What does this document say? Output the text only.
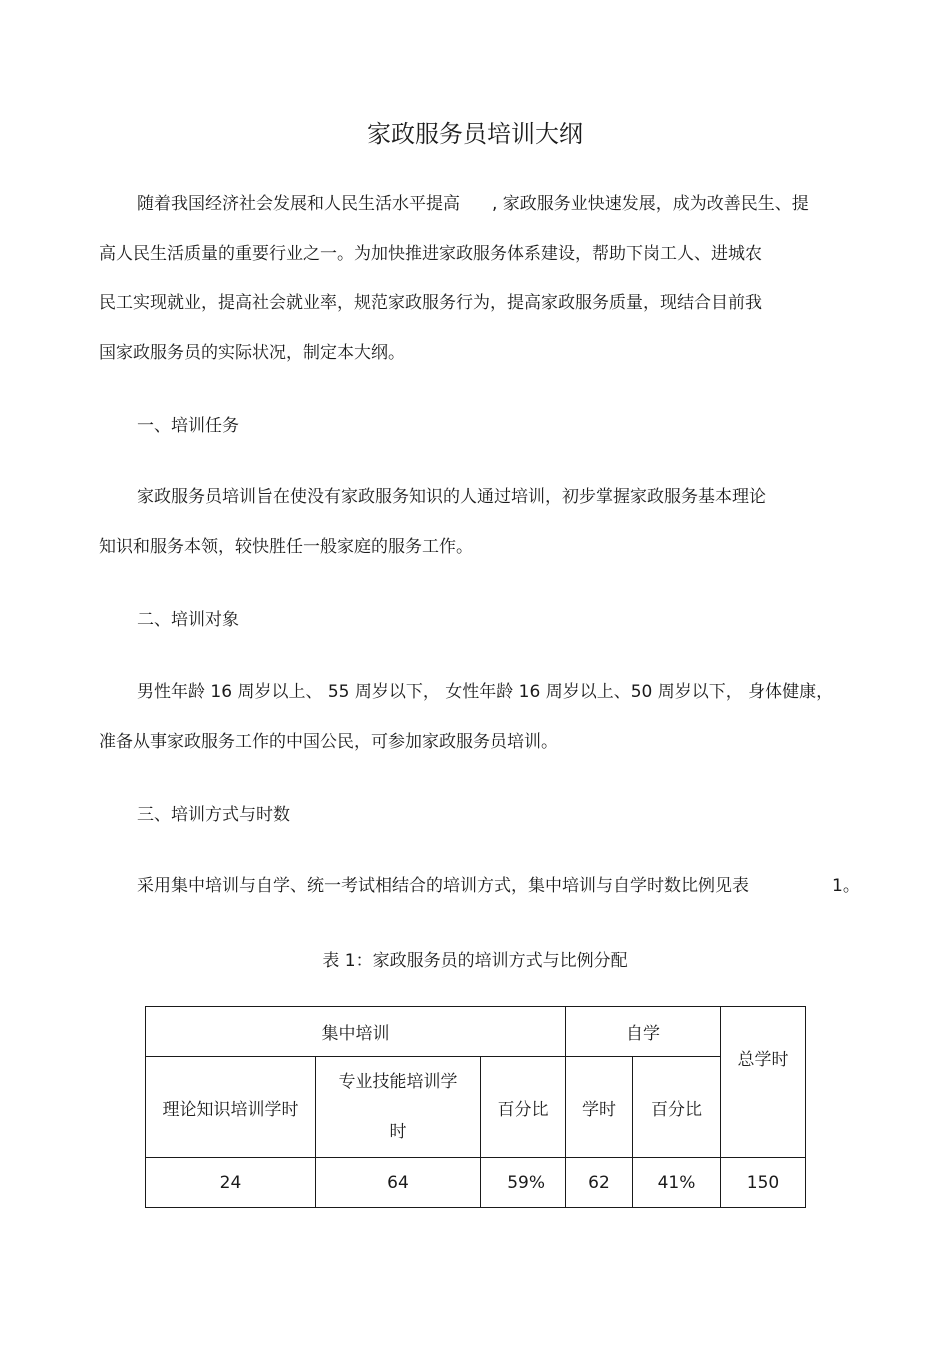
家政服务员培训大纲
随着我国经济社会发展和人民生活水平提高 , 家政服务业快速发展，成为改善民生、提
高人民生活质量的重要行业之一。为加快推进家政服务体系建设，帮助下岗工人、进城农
民工实现就业，提高社会就业率，规范家政服务行为，提高家政服务质量，现结合目前我
国家政服务员的实际状况，制定本大纲。
一、培训任务
家政服务员培训旨在使没有家政服务知识的人通过培训，初步掌握家政服务基本理论
知识和服务本领，较快胜任一般家庭的服务工作。
二、培训对象
男性年龄 16 周岁以上、 55 周岁以下， 女性年龄 16 周岁以上、50 周岁以下， 身体健康，
准备从事家政服务工作的中国公民，可参加家政服务员培训。
三、培训方式与时数
采用集中培训与自学、统一考试相结合的培训方式，集中培训与自学时数比例见表	1。
表 1：家政服务员的培训方式与比例分配
集中培训			自学		总学时
理论知识培训学时	专业技能培训学
时	百分比	学时	百分比	
24	64	59%	62	41%	150
